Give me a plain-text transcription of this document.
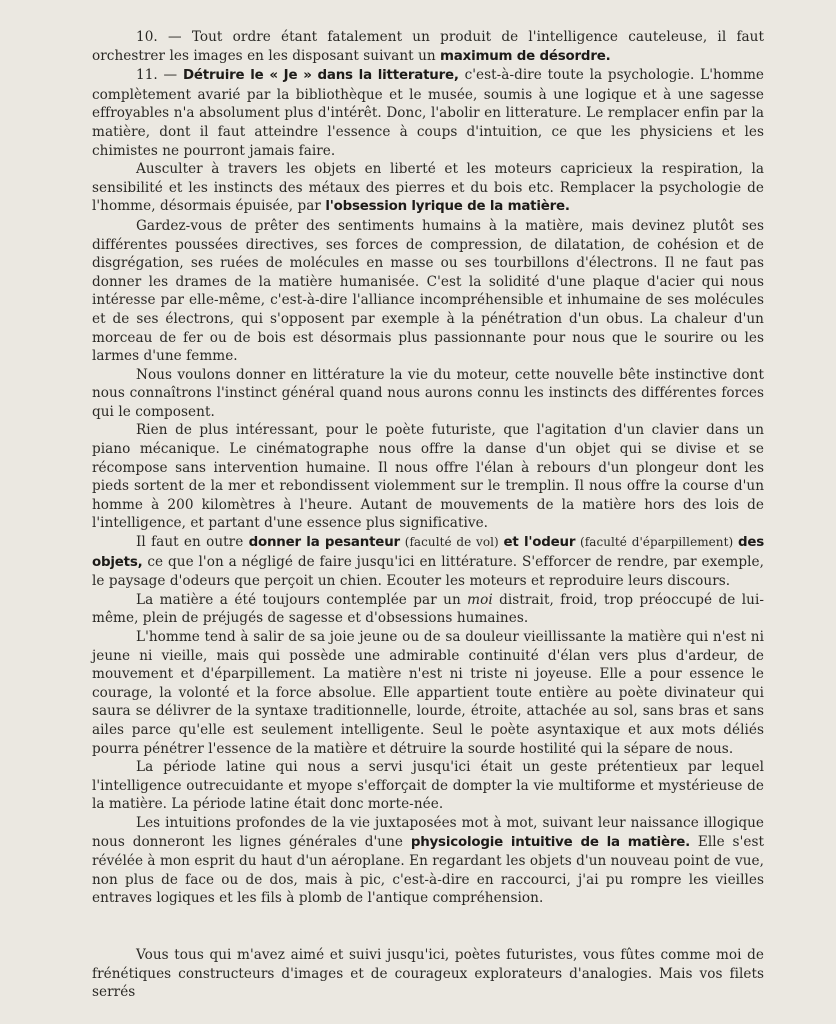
10. — Tout ordre étant fatalement un produit de l'intelligence cauteleuse, il faut orchestrer les images en les disposant suivant un maximum de désordre.

11. — Détruire le « Je » dans la litterature, c'est-à-dire toute la psychologie. L'homme complètement avarié par la bibliothèque et le musée, soumis à une logique et à une sagesse effroyables n'a absolument plus d'intérêt. Donc, l'abolir en litterature. Le remplacer enfin par la matière, dont il faut atteindre l'essence à coups d'intuition, ce que les physiciens et les chimistes ne pourront jamais faire.

Ausculter à travers les objets en liberté et les moteurs capricieux la respiration, la sensibilité et les instincts des métaux des pierres et du bois etc. Remplacer la psychologie de l'homme, désormais épuisée, par l'obsession lyrique de la matière.

Gardez-vous de prêter des sentiments humains à la matière, mais devinez plutôt ses différentes poussées directives, ses forces de compression, de dilatation, de cohésion et de disgrégation, ses ruées de molécules en masse ou ses tourbillons d'électrons. Il ne faut pas donner les drames de la matière humanisée. C'est la solidité d'une plaque d'acier qui nous intéresse par elle-même, c'est-à-dire l'alliance incompréhensible et inhumaine de ses molécules et de ses électrons, qui s'opposent par exemple à la pénétration d'un obus. La chaleur d'un morceau de fer ou de bois est désormais plus passionnante pour nous que le sourire ou les larmes d'une femme.

Nous voulons donner en littérature la vie du moteur, cette nouvelle bête instinctive dont nous connaîtrons l'instinct général quand nous aurons connu les instincts des différentes forces qui le composent.

Rien de plus intéressant, pour le poète futuriste, que l'agitation d'un clavier dans un piano mécanique. Le cinématographe nous offre la danse d'un objet qui se divise et se récompose sans intervention humaine. Il nous offre l'élan à rebours d'un plongeur dont les pieds sortent de la mer et rebondissent violemment sur le tremplin. Il nous offre la course d'un homme à 200 kilomètres à l'heure. Autant de mouvements de la matière hors des lois de l'intelligence, et partant d'une essence plus significative.

Il faut en outre donner la pesanteur (faculté de vol) et l'odeur (faculté d'éparpillement) des objets, ce que l'on a négligé de faire jusqu'ici en littérature. S'efforcer de rendre, par exemple, le paysage d'odeurs que perçoit un chien. Ecouter les moteurs et reproduire leurs discours.

La matière a été toujours contemplée par un moi distrait, froid, trop préoccupé de lui-même, plein de préjugés de sagesse et d'obsessions humaines.

L'homme tend à salir de sa joie jeune ou de sa douleur vieillissante la matière qui n'est ni jeune ni vieille, mais qui possède une admirable continuité d'élan vers plus d'ardeur, de mouvement et d'éparpillement. La matière n'est ni triste ni joyeuse. Elle a pour essence le courage, la volonté et la force absolue. Elle appartient toute entière au poète divinateur qui saura se délivrer de la syntaxe traditionnelle, lourde, étroite, attachée au sol, sans bras et sans ailes parce qu'elle est seulement intelligente. Seul le poète asyntaxique et aux mots déliés pourra pénétrer l'essence de la matière et détruire la sourde hostilité qui la sépare de nous.

La période latine qui nous a servi jusqu'ici était un geste prétentieux par lequel l'intelligence outrecuidante et myope s'efforçait de dompter la vie multiforme et mystérieuse de la matière. La période latine était donc morte-née.

Les intuitions profondes de la vie juxtaposées mot à mot, suivant leur naissance illogique nous donneront les lignes générales d'une physicologie intuitive de la matière. Elle s'est révélée à mon esprit du haut d'un aéroplane. En regardant les objets d'un nouveau point de vue, non plus de face ou de dos, mais à pic, c'est-à-dire en raccourci, j'ai pu rompre les vieilles entraves logiques et les fils à plomb de l'antique compréhension.

Vous tous qui m'avez aimé et suivi jusqu'ici, poètes futuristes, vous fûtes comme moi de frénétiques constructeurs d'images et de courageux explorateurs d'analogies. Mais vos filets serrés
